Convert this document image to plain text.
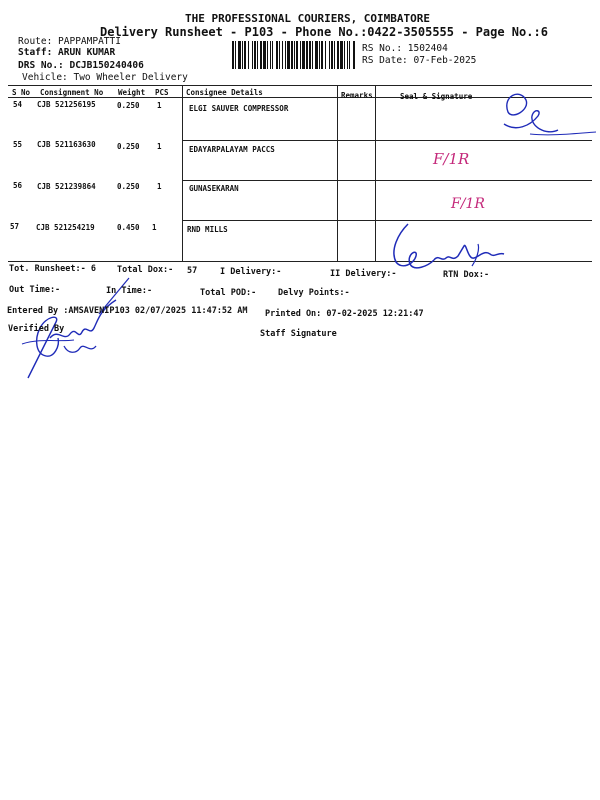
THE PROFESSIONAL COURIERS, COIMBATORE
Delivery Runsheet - P103 - Phone No.:0422-3505555 - Page No.:6
Route: PAPPAMPATTI
Staff: ARUN KUMAR
DRS No.: DCJB150240406
Vehicle: Two Wheeler Delivery
RS No.: 1502404
RS Date: 07-Feb-2025
S No Consignment No Weight PCS Consignee Details	Remarks	Seal & Signature
54 CJB 521256195	0.250 1	ELGI SAUVER COMPRESSOR
55 CJB 521163630	0.250 1	EDAYARPALAYAM PACCS
56 CJB 521239864	0.250 1	GUNASEKARAN
57 CJB 521254219	0.450 1	RND MILLS
F/1R
F/1R
Tot. Runsheet:- 6 Total Dox:- 57	I Delivery:-	II Delivery:-	RTN Dox:-
Out Time:-	In Time:-	Total POD:-	Delvy Points:-
Entered By :AMSAVENIP103 02/07/2025 11:47:52 AM Printed On: 07-02-2025 12:21:47
Verified By	Staff Signature
